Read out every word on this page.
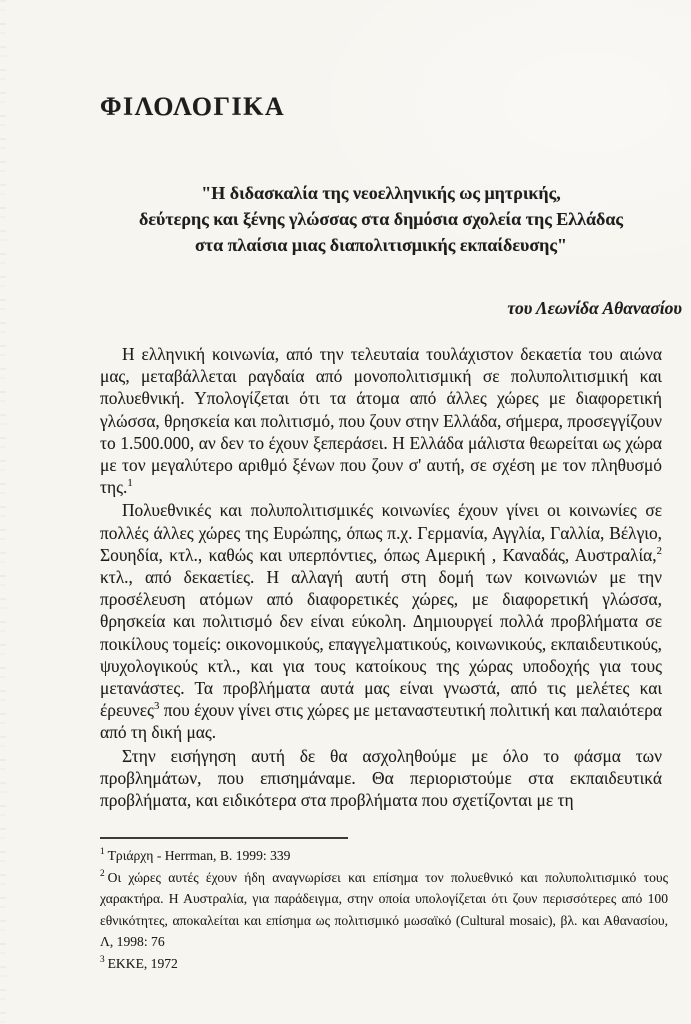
ΦΙΛΟΛΟΓΙΚΑ
"Η διδασκαλία της νεοελληνικής ως μητρικής,
δεύτερης και ξένης γλώσσας στα δημόσια σχολεία της Ελλάδας
στα πλαίσια μιας διαπολιτισμικής εκπαίδευσης"
του Λεωνίδα Αθανασίου

Η ελληνική κοινωνία, από την τελευταία τουλάχιστον δεκαετία του αιώνα μας, μεταβάλλεται ραγδαία από μονοπολιτισμική σε πολυπολιτισμική και πολυεθνική. Υπολογίζεται ότι τα άτομα από άλλες χώρες με διαφορετική γλώσσα, θρησκεία και πολιτισμό, που ζουν στην Ελλάδα, σήμερα, προσεγγίζουν το 1.500.000, αν δεν το έχουν ξεπεράσει. Η Ελλάδα μάλιστα θεωρείται ως χώρα με τον μεγαλύτερο αριθμό ξένων που ζουν σ' αυτή, σε σχέση με τον πληθυσμό της.$^1$

Πολυεθνικές και πολυπολιτισμικές κοινωνίες έχουν γίνει οι κοινωνίες σε πολλές άλλες χώρες της Ευρώπης, όπως π.χ. Γερμανία, Αγγλία, Γαλλία, Βέλγιο, Σουηδία, κτλ., καθώς και υπερπόντιες, όπως Αμερική , Καναδάς, Αυστραλία,$^2$ κτλ., από δεκαετίες. Η αλλαγή αυτή στη δομή των κοινωνιών με την προσέλευση ατόμων από διαφορετικές χώρες, με διαφορετική γλώσσα, θρησκεία και πολιτισμό δεν είναι εύκολη. Δημιουργεί πολλά προβλήματα σε ποικίλους τομείς: οικονομικούς, επαγγελματικούς, κοινωνικούς, εκπαιδευτικούς, ψυχολογικούς κτλ., και για τους κατοίκους της χώρας υποδοχής για τους μετανάστες. Τα προβλήματα αυτά μας είναι γνωστά, από τις μελέτες και έρευνες$^3$ που έχουν γίνει στις χώρες με μεταναστευτική πολιτική και παλαιότερα από τη δική μας.

Στην εισήγηση αυτή δε θα ασχοληθούμε με όλο το φάσμα των προβλημάτων, που επισημάναμε. Θα περιοριστούμε στα εκπαιδευτικά προβλήματα, και ειδικότερα στα προβλήματα που σχετίζονται με τη

$^1$ Τριάρχη - Herrman, B. 1999: 339
$^2$ Οι χώρες αυτές έχουν ήδη αναγνωρίσει και επίσημα τον πολυεθνικό και πολυπολιτισμικό τους χαρακτήρα. Η Αυστραλία, για παράδειγμα, στην οποία υπολογίζεται ότι ζουν περισσότερες από 100 εθνικότητες, αποκαλείται και επίσημα ως πολιτισμικό μωσαϊκό (Cultural mosaic), βλ. και Αθανασίου, Λ, 1998: 76
$^3$ ΕΚΚΕ, 1972
